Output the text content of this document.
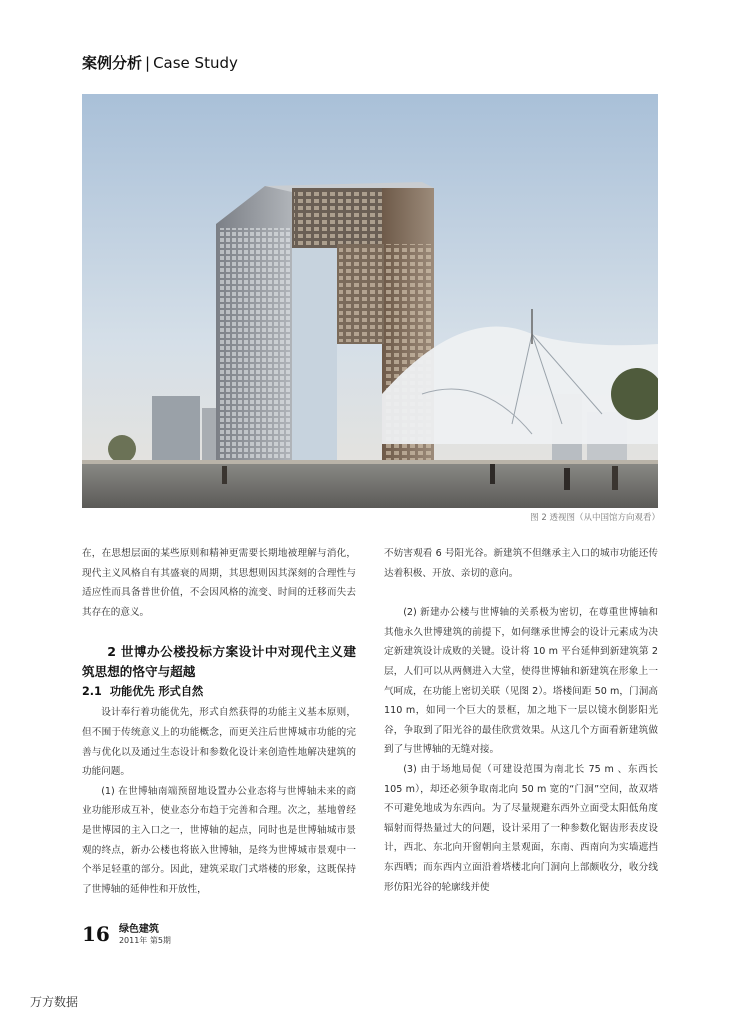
案例分析 | Case Study
图 2 透视图（从中国馆方向观看）

在，在思想层面的某些原则和精神更需要长期地被理解与消化，现代主义风格自有其盛衰的周期，其思想则因其深刻的合理性与适应性而具备普世价值，不会因风格的流变、时间的迁移而失去其存在的意义。

2 世博办公楼投标方案设计中对现代主义建筑思想的恪守与超越

2.1 功能优先 形式自然

设计奉行着功能优先，形式自然获得的功能主义基本原则，但不囿于传统意义上的功能概念，而更关注后世博城市功能的完善与优化以及通过生态设计和参数化设计来创造性地解决建筑的功能问题。

(1) 在世博轴南端预留地设置办公业态将与世博轴未来的商业功能形成互补，使业态分布趋于完善和合理。次之，基地曾经是世博园的主入口之一，世博轴的起点，同时也是世博轴城市景观的终点，新办公楼也将嵌入世博轴，是终为世博城市景观中一个举足轻重的部分。因此，建筑采取门式塔楼的形象，这既保持了世博轴的延伸性和开放性，

不妨害观看 6 号阳光谷。新建筑不但继承主入口的城市功能还传达着积极、开放、亲切的意向。

(2) 新建办公楼与世博轴的关系极为密切，在尊重世博轴和其他永久世博建筑的前提下，如何继承世博会的设计元素成为决定新建筑设计成败的关键。设计将 10 m 平台延伸到新建筑第 2 层，人们可以从两侧进入大堂，使得世博轴和新建筑在形象上一气呵成，在功能上密切关联（见图 2）。塔楼间距 50 m，门洞高 110 m，如同一个巨大的景框，加之地下一层以镜水倒影阳光谷，争取到了阳光谷的最佳欣赏效果。从这几个方面看新建筑做到了与世博轴的无缝对接。

(3) 由于场地局促（可建设范围为南北长 75 m 、东西长 105 m），却还必须争取南北向 50 m 宽的“门洞”空间，故双塔不可避免地成为东西向。为了尽量规避东西外立面受太阳低角度辐射而得热量过大的问题，设计采用了一种参数化锯齿形表皮设计，西北、东北向开窗朝向主景观面，东南、西南向为实墙遮挡东西晒；而东西内立面沿着塔楼北向门洞向上部颇收分，收分线形仿阳光谷的轮廓线并使

16 绿色建筑
2011年 第5期
万方数据
